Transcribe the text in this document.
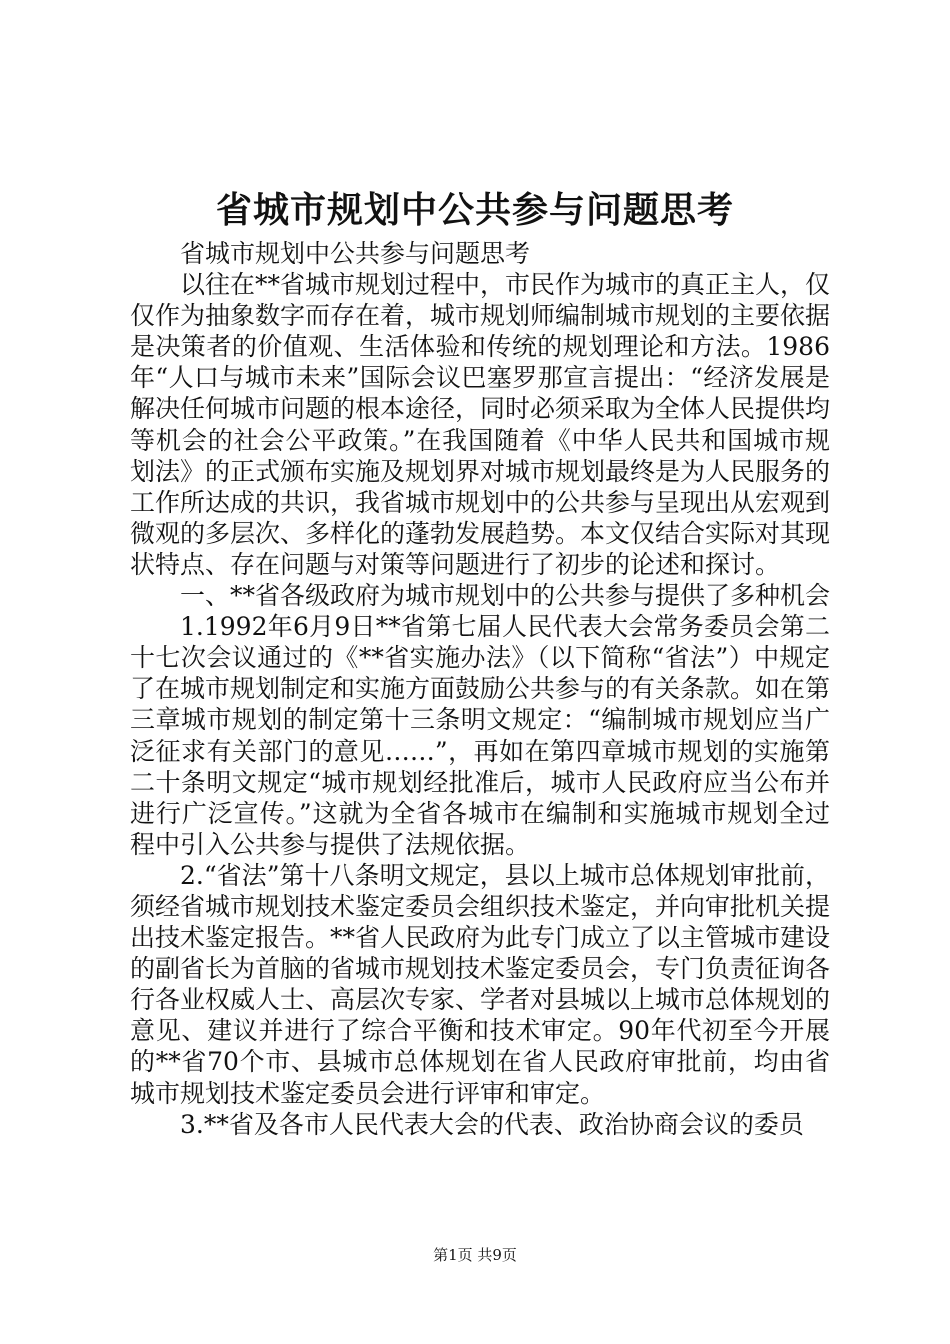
省城市规划中公共参与问题思考

省城市规划中公共参与问题思考

以往在**省城市规划过程中，市民作为城市的真正主人，仅仅作为抽象数字而存在着，城市规划师编制城市规划的主要依据是决策者的价值观、生活体验和传统的规划理论和方法。1986年“人口与城市未来”国际会议巴塞罗那宣言提出：“经济发展是解决任何城市问题的根本途径，同时必须采取为全体人民提供均等机会的社会公平政策。”在我国随着《中华人民共和国城市规划法》的正式颁布实施及规划界对城市规划最终是为人民服务的工作所达成的共识，我省城市规划中的公共参与呈现出从宏观到微观的多层次、多样化的蓬勃发展趋势。本文仅结合实际对其现状特点、存在问题与对策等问题进行了初步的论述和探讨。

一、**省各级政府为城市规划中的公共参与提供了多种机会

1.1992年6月9日**省第七届人民代表大会常务委员会第二十七次会议通过的《**省实施办法》（以下简称“省法”）中规定了在城市规划制定和实施方面鼓励公共参与的有关条款。如在第三章城市规划的制定第十三条明文规定：“编制城市规划应当广泛征求有关部门的意见……”，再如在第四章城市规划的实施第二十条明文规定“城市规划经批准后，城市人民政府应当公布并进行广泛宣传。”这就为全省各城市在编制和实施城市规划全过程中引入公共参与提供了法规依据。

2.“省法”第十八条明文规定，县以上城市总体规划审批前，须经省城市规划技术鉴定委员会组织技术鉴定，并向审批机关提出技术鉴定报告。**省人民政府为此专门成立了以主管城市建设的副省长为首脑的省城市规划技术鉴定委员会，专门负责征询各行各业权威人士、高层次专家、学者对县城以上城市总体规划的意见、建议并进行了综合平衡和技术审定。90年代初至今开展的**省70个市、县城市总体规划在省人民政府审批前，均由省城市规划技术鉴定委员会进行评审和审定。

3.**省及各市人民代表大会的代表、政治协商会议的委员

第1页 共9页
